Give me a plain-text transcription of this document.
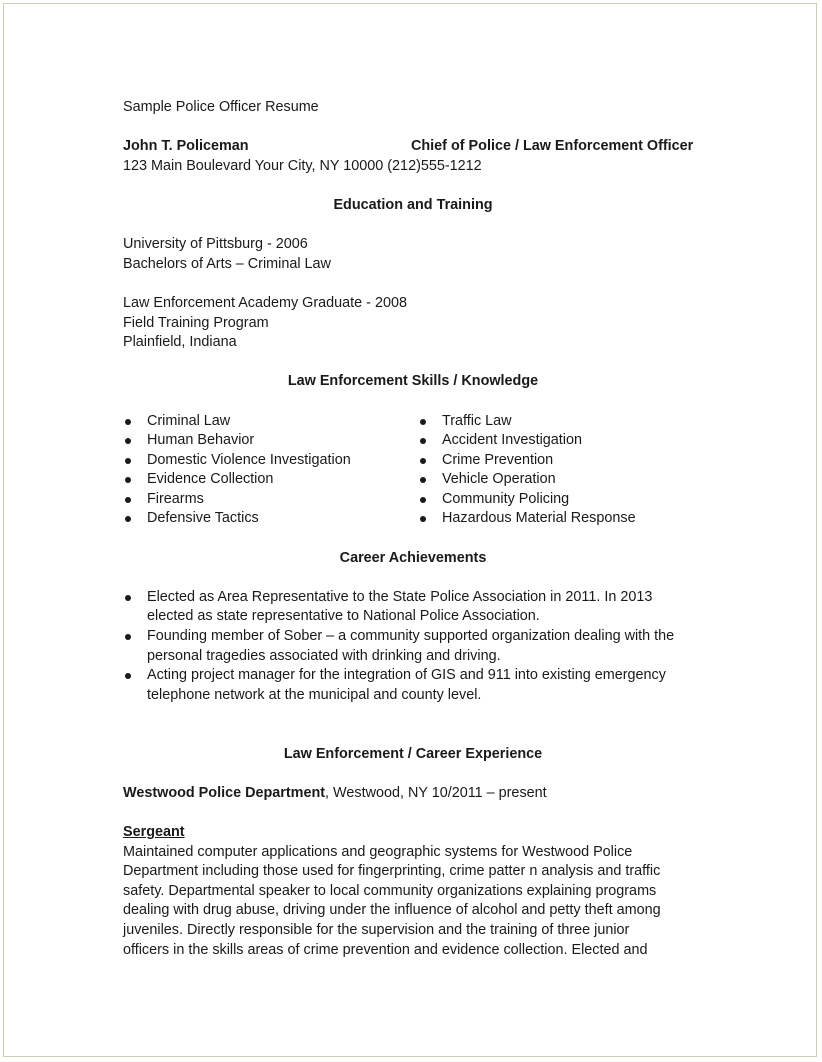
Sample Police Officer Resume
John T. Policeman	Chief of Police / Law Enforcement Officer
123 Main Boulevard Your City, NY 10000 (212)555-1212
Education and Training
University of Pittsburg - 2006
Bachelors of Arts – Criminal Law
Law Enforcement Academy Graduate - 2008
Field Training Program
Plainfield, Indiana
Law Enforcement Skills / Knowledge
Criminal Law
Human Behavior
Domestic Violence Investigation
Evidence Collection
Firearms
Defensive Tactics
Traffic Law
Accident Investigation
Crime Prevention
Vehicle Operation
Community Policing
Hazardous Material Response
Career Achievements
Elected as Area Representative to the State Police Association in 2011. In 2013
elected as state representative to National Police Association.
Founding member of Sober – a community supported organization dealing with the
personal tragedies associated with drinking and driving.
Acting project manager for the integration of GIS and 911 into existing emergency
telephone network at the municipal and county level.
Law Enforcement / Career Experience
Westwood Police Department, Westwood, NY 10/2011 – present
Sergeant
Maintained computer applications and geographic systems for Westwood Police
Department including those used for fingerprinting, crime patter n analysis and traffic
safety. Departmental speaker to local community organizations explaining programs
dealing with drug abuse, driving under the influence of alcohol and petty theft among
juveniles. Directly responsible for the supervision and the training of three junior
officers in the skills areas of crime prevention and evidence collection. Elected and
